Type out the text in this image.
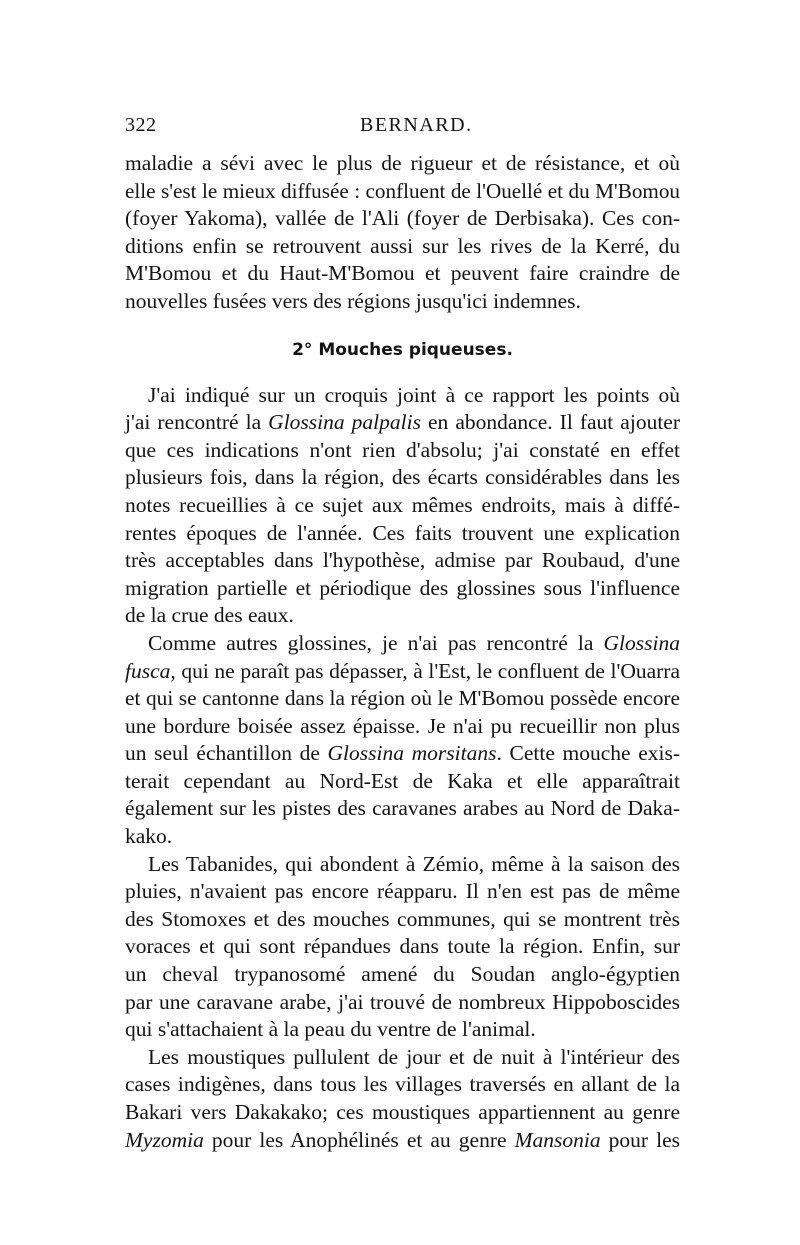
322	BERNARD.

maladie a sévi avec le plus de rigueur et de résistance, et où
elle s'est le mieux diffusée : confluent de l'Ouellé et du M'Bomou
(foyer Yakoma), vallée de l'Ali (foyer de Derbisaka). Ces con-
ditions enfin se retrouvent aussi sur les rives de la Kerré, du
M'Bomou et du Haut-M'Bomou et peuvent faire craindre de
nouvelles fusées vers des régions jusqu'ici indemnes.

2° Mouches piqueuses.

J'ai indiqué sur un croquis joint à ce rapport les points où
j'ai rencontré la Glossina palpalis en abondance. Il faut ajouter
que ces indications n'ont rien d'absolu; j'ai constaté en effet
plusieurs fois, dans la région, des écarts considérables dans les
notes recueillies à ce sujet aux mêmes endroits, mais à diffé-
rentes époques de l'année. Ces faits trouvent une explication
très acceptables dans l'hypothèse, admise par Roubaud, d'une
migration partielle et périodique des glossines sous l'influence
de la crue des eaux.

Comme autres glossines, je n'ai pas rencontré la Glossina
fusca, qui ne paraît pas dépasser, à l'Est, le confluent de l'Ouarra
et qui se cantonne dans la région où le M'Bomou possède encore
une bordure boisée assez épaisse. Je n'ai pu recueillir non plus
un seul échantillon de Glossina morsitans. Cette mouche exis-
terait cependant au Nord-Est de Kaka et elle apparaîtrait
également sur les pistes des caravanes arabes au Nord de Daka-
kako.

Les Tabanides, qui abondent à Zémio, même à la saison des
pluies, n'avaient pas encore réapparu. Il n'en est pas de même
des Stomoxes et des mouches communes, qui se montrent très
voraces et qui sont répandues dans toute la région. Enfin, sur
un cheval trypanosomé amené du Soudan anglo-égyptien
par une caravane arabe, j'ai trouvé de nombreux Hippoboscides
qui s'attachaient à la peau du ventre de l'animal.

Les moustiques pullulent de jour et de nuit à l'intérieur des
cases indigènes, dans tous les villages traversés en allant de la
Bakari vers Dakakako; ces moustiques appartiennent au genre
Myzomia pour les Anophélinés et au genre Mansonia pour les
